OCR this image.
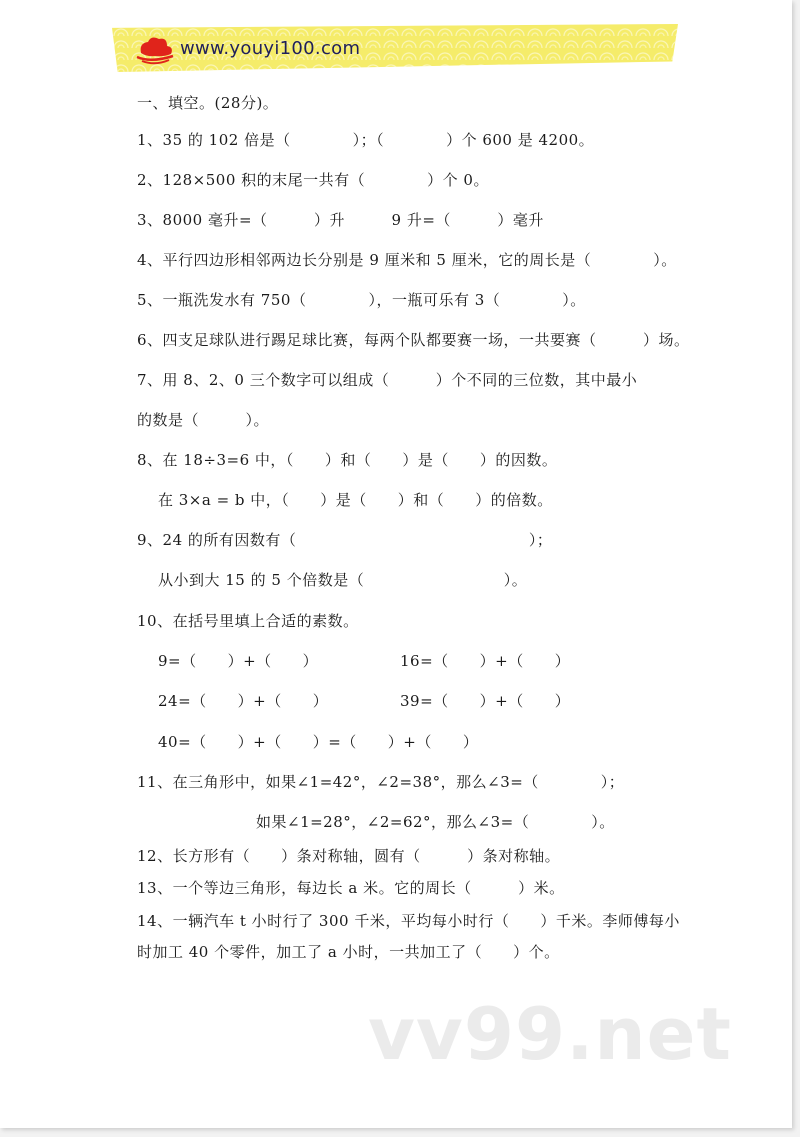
www.youyi100.com
一、填空。(28分)。
1、35 的 102 倍是（　　　　）；（　　　　）个 600 是 4200。
2、128×500 积的末尾一共有（　　　　）个 0。
3、8000 毫升=（　　　）升　　　9 升=（　　　）毫升
4、平行四边形相邻两边长分别是 9 厘米和 5 厘米，它的周长是（　　　　）。
5、一瓶洗发水有 750（　　　　），一瓶可乐有 3（　　　　）。
6、四支足球队进行踢足球比赛，每两个队都要赛一场，一共要赛（　　　）场。
7、用 8、2、0 三个数字可以组成（　　　）个不同的三位数，其中最小
的数是（　　　）。
8、在 18÷3=6 中，（　　）和（　　）是（　　）的因数。
在 3×a = b 中，（　　）是（　　）和（　　）的倍数。
9、24 的所有因数有（　　　　　　　　　　　　　　　）；
从小到大 15 的 5 个倍数是（　　　　　　　　　）。
10、在括号里填上合适的素数。
9=（　　）+（　　）	16=（　　）+（　　）
24=（　　）+（　　）	39=（　　）+（　　）
40=（　　）+（　　）=（　　）+（　　）
11、在三角形中，如果∠1=42°，∠2=38°，那么∠3=（　　　　）；
如果∠1=28°，∠2=62°，那么∠3=（　　　　）。
12、长方形有（　　）条对称轴，圆有（　　　）条对称轴。
13、一个等边三角形，每边长 a 米。它的周长（　　　）米。
14、一辆汽车 t 小时行了 300 千米，平均每小时行（　　）千米。李师傅每小
时加工 40 个零件，加工了 a 小时，一共加工了（　　）个。
vv99.net
